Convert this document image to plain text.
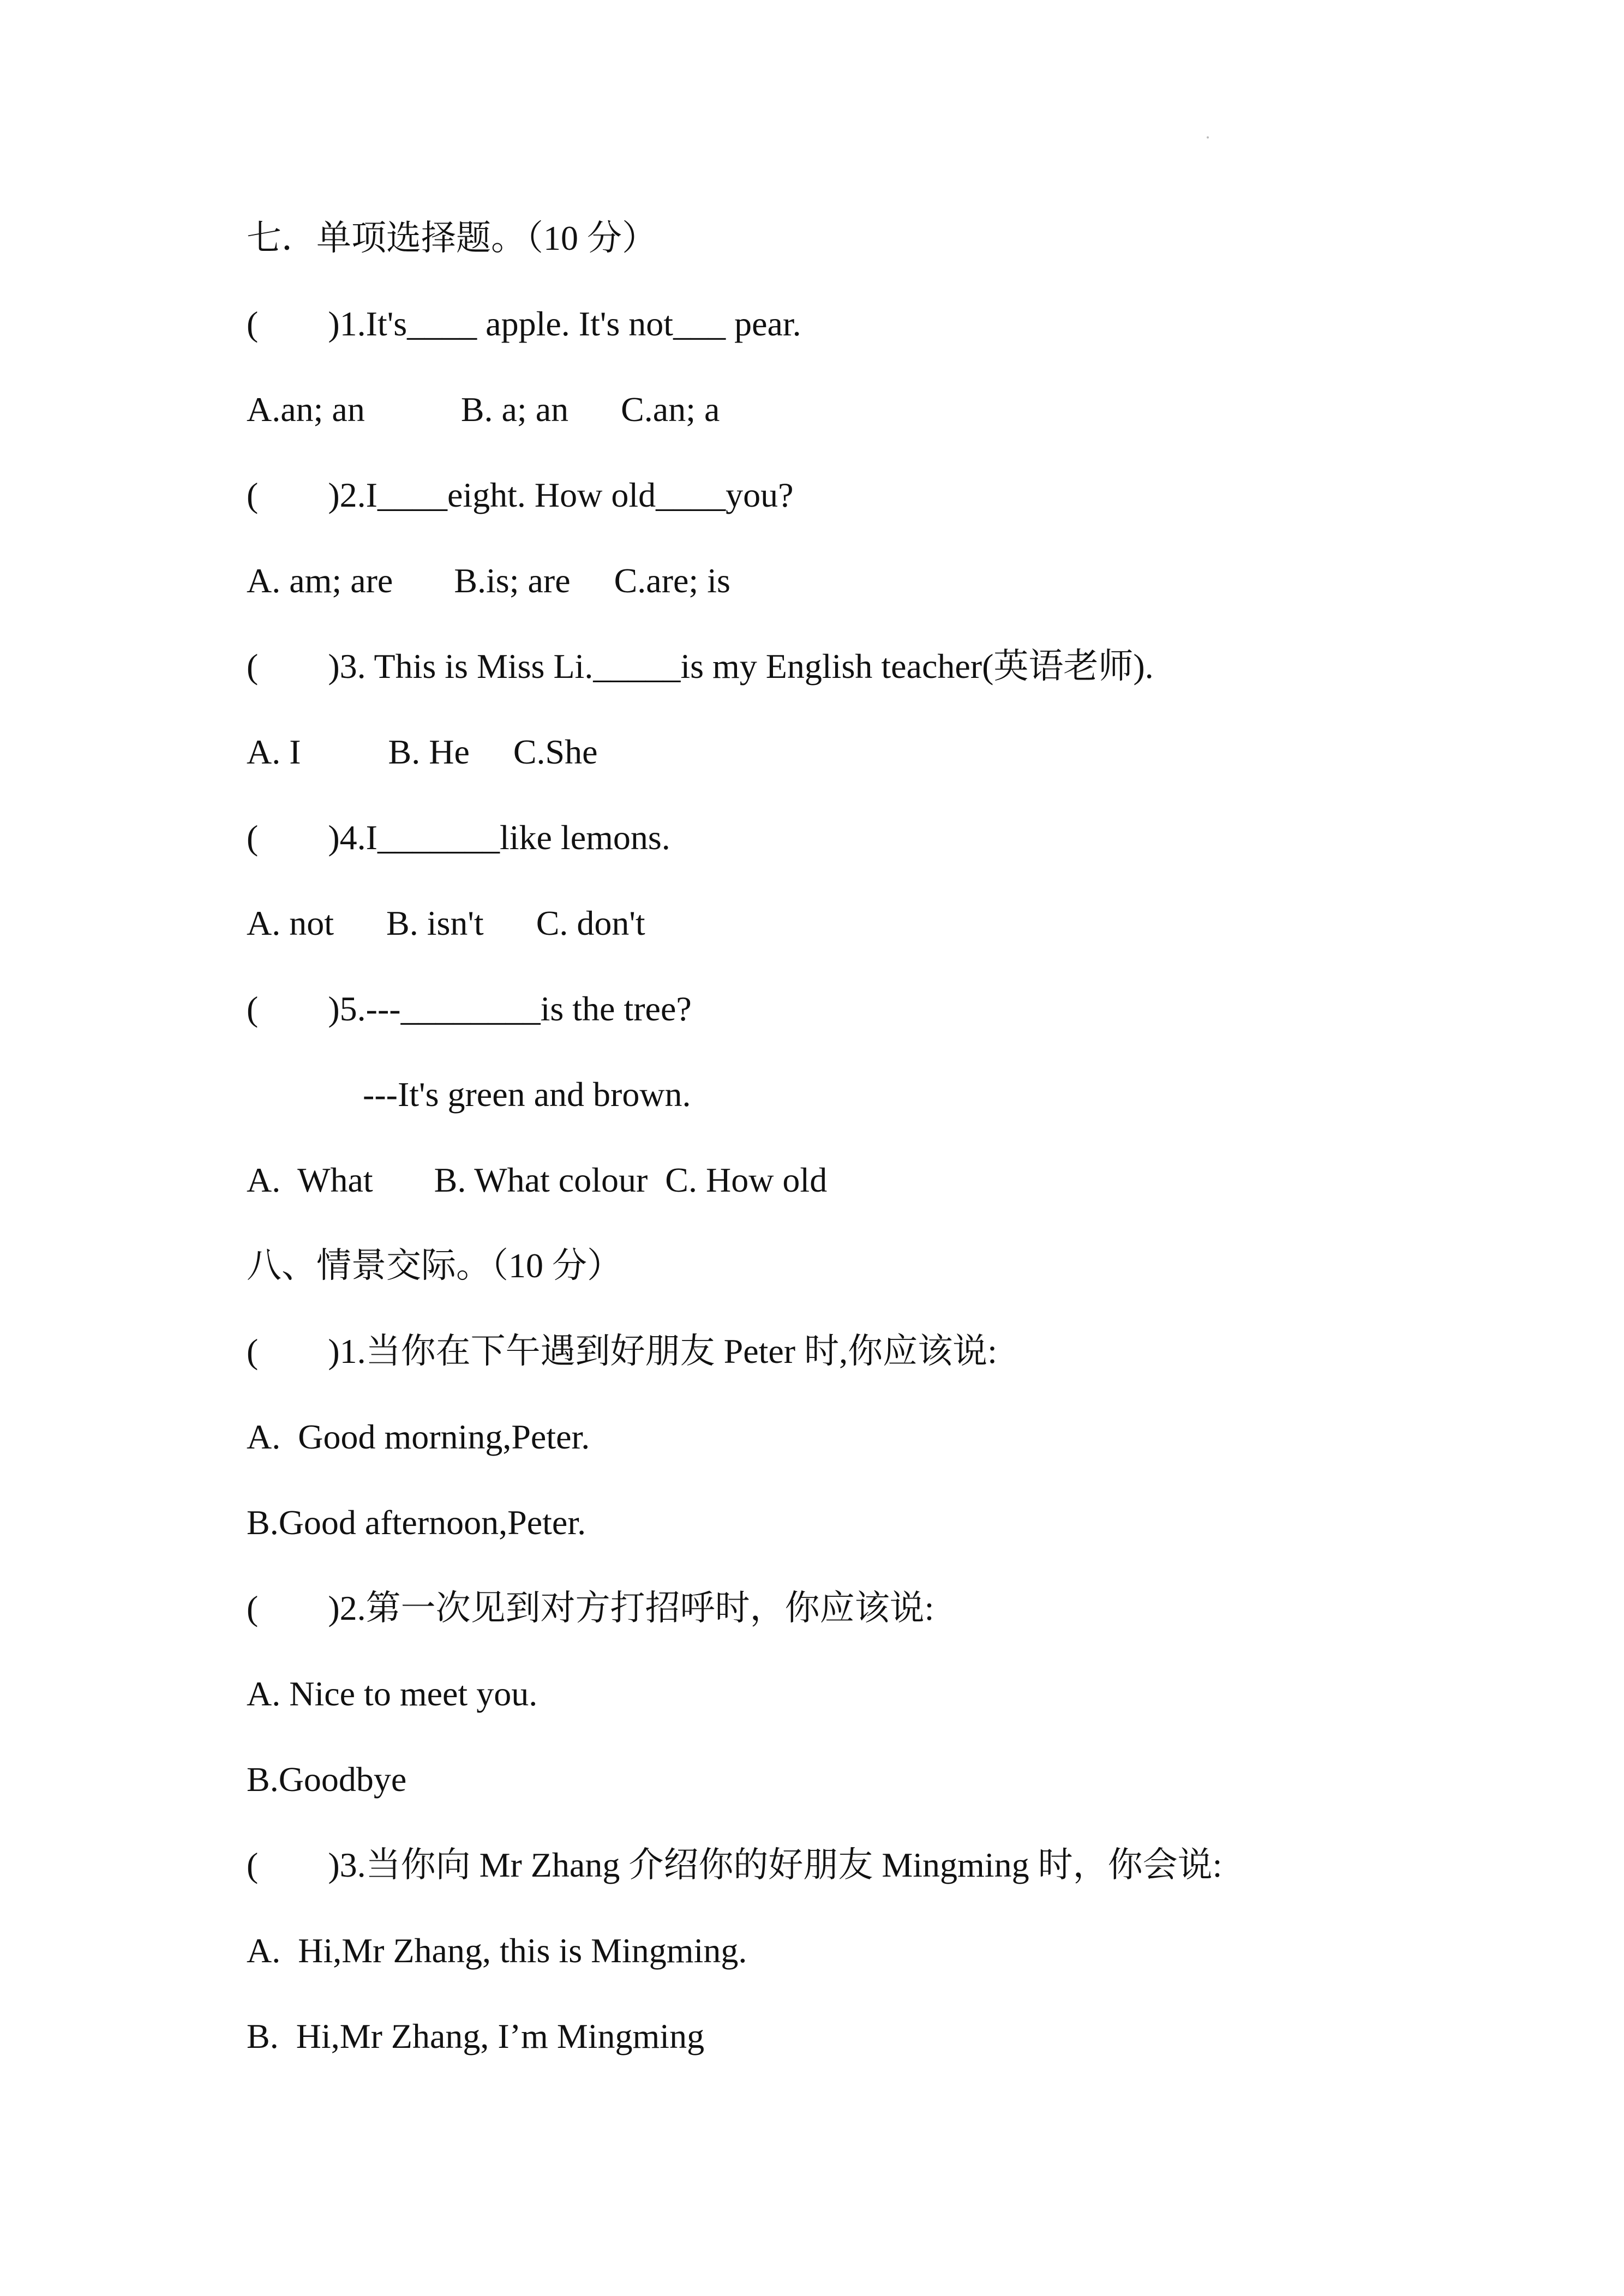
七．单项选择题。（10 分）
(        )1.It's____ apple. It's not___ pear.
A.an; an           B. a; an      C.an; a
(        )2.I____eight. How old____you?
A. am; are       B.is; are     C.are; is
(        )3. This is Miss Li._____is my English teacher(英语老师).
A. I          B. He     C.She
(        )4.I_______like lemons.
A. not      B. isn't      C. don't
(        )5.---________is the tree?
---It's green and brown.
A.  What       B. What colour  C. How old
八、情景交际。（10 分）
(        )1.当你在下午遇到好朋友 Peter 时,你应该说:
A.  Good morning,Peter.
B.Good afternoon,Peter.
(        )2.第一次见到对方打招呼时，你应该说:
A. Nice to meet you.
B.Goodbye
(        )3.当你向 Mr Zhang 介绍你的好朋友 Mingming 时，你会说:
A.  Hi,Mr Zhang, this is Mingming.
B.  Hi,Mr Zhang, I’m Mingming
